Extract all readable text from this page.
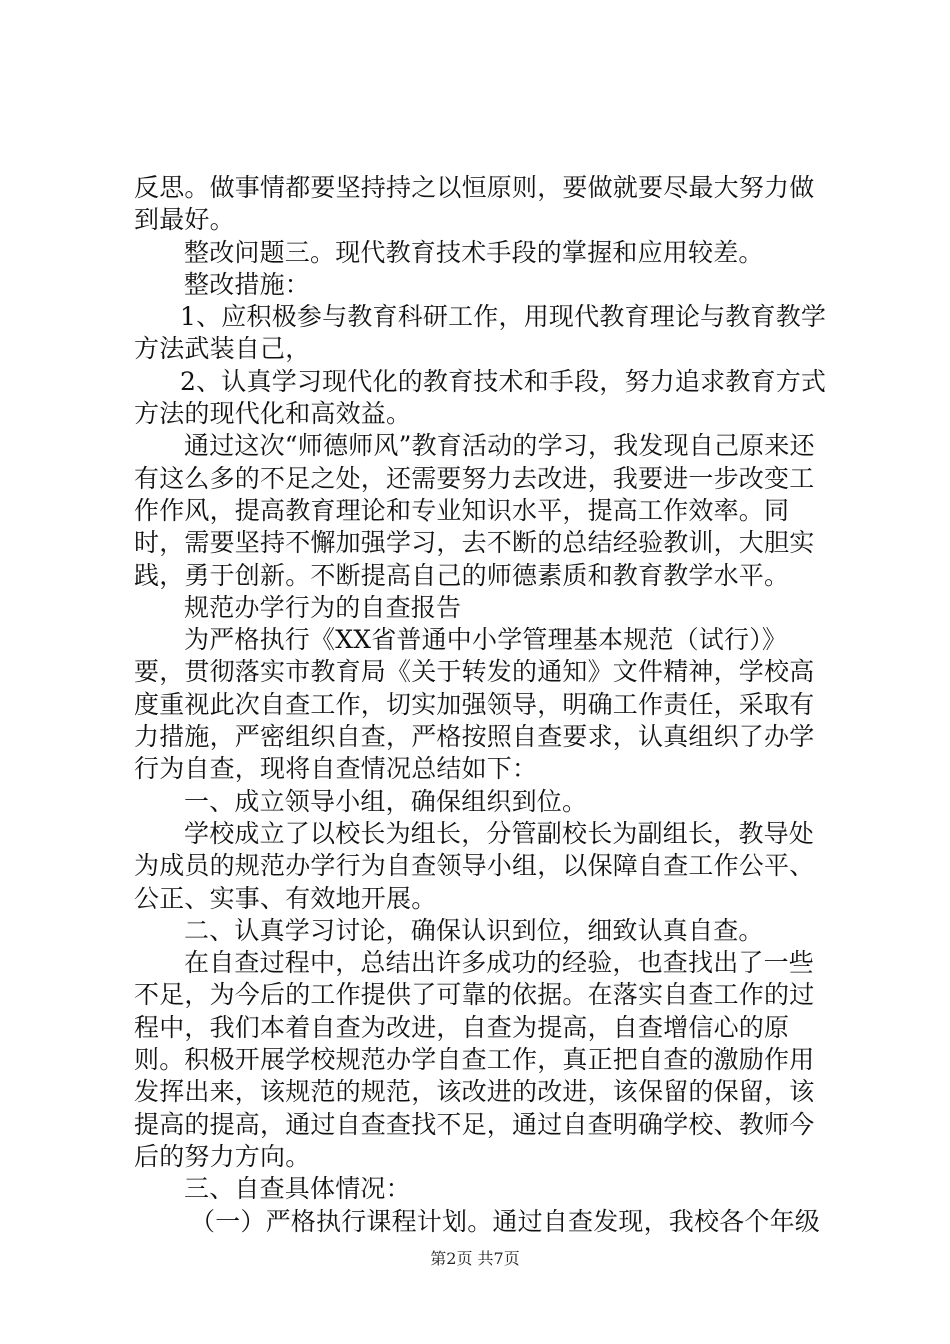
反思。做事情都要坚持持之以恒原则，要做就要尽最大努力做到最好。

整改问题三。现代教育技术手段的掌握和应用较差。

整改措施：

1、应积极参与教育科研工作，用现代教育理论与教育教学方法武装自己，

2、认真学习现代化的教育技术和手段，努力追求教育方式方法的现代化和高效益。

通过这次“师德师风”教育活动的学习，我发现自己原来还有这么多的不足之处，还需要努力去改进，我要进一步改变工作作风，提高教育理论和专业知识水平，提高工作效率。同时，需要坚持不懈加强学习，去不断的总结经验教训，大胆实践，勇于创新。不断提高自己的师德素质和教育教学水平。

规范办学行为的自查报告

为严格执行《XX省普通中小学管理基本规范（试行）》要，贯彻落实市教育局《关于转发的通知》文件精神，学校高度重视此次自查工作，切实加强领导，明确工作责任，采取有力措施，严密组织自查，严格按照自查要求，认真组织了办学行为自查，现将自查情况总结如下：

一、成立领导小组，确保组织到位。

学校成立了以校长为组长，分管副校长为副组长，教导处为成员的规范办学行为自查领导小组，以保障自查工作公平、公正、实事、有效地开展。

二、认真学习讨论，确保认识到位，细致认真自查。

在自查过程中，总结出许多成功的经验，也查找出了一些不足，为今后的工作提供了可靠的依据。在落实自查工作的过程中，我们本着自查为改进，自查为提高，自查增信心的原则。积极开展学校规范办学自查工作，真正把自查的激励作用发挥出来，该规范的规范，该改进的改进，该保留的保留，该提高的提高，通过自查查找不足，通过自查明确学校、教师今后的努力方向。

三、自查具体情况：

（一）严格执行课程计划。通过自查发现，我校各个年级

第2页 共7页
